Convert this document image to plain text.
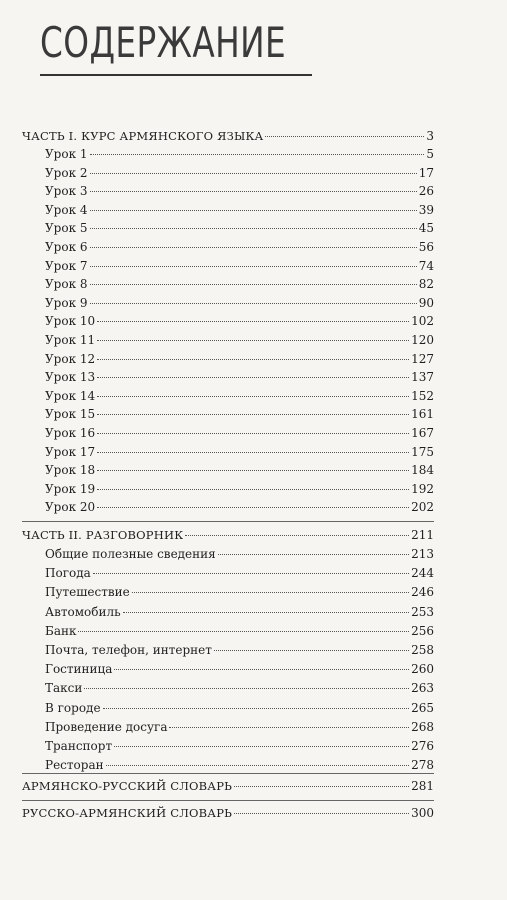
СОДЕРЖАНИЕ
ЧАСТЬ I. КУРС АРМЯНСКОГО ЯЗЫКА	3
Урок 1	5
Урок 2	17
Урок 3	26
Урок 4	39
Урок 5	45
Урок 6	56
Урок 7	74
Урок 8	82
Урок 9	90
Урок 10	102
Урок 11	120
Урок 12	127
Урок 13	137
Урок 14	152
Урок 15	161
Урок 16	167
Урок 17	175
Урок 18	184
Урок 19	192
Урок 20	202
ЧАСТЬ II. РАЗГОВОРНИК	211
Общие полезные сведения	213
Погода	244
Путешествие	246
Автомобиль	253
Банк	256
Почта, телефон, интернет	258
Гостиница	260
Такси	263
В городе	265
Проведение досуга	268
Транспорт	276
Ресторан	278
АРМЯНСКО-РУССКИЙ СЛОВАРЬ	281
РУССКО-АРМЯНСКИЙ СЛОВАРЬ	300
